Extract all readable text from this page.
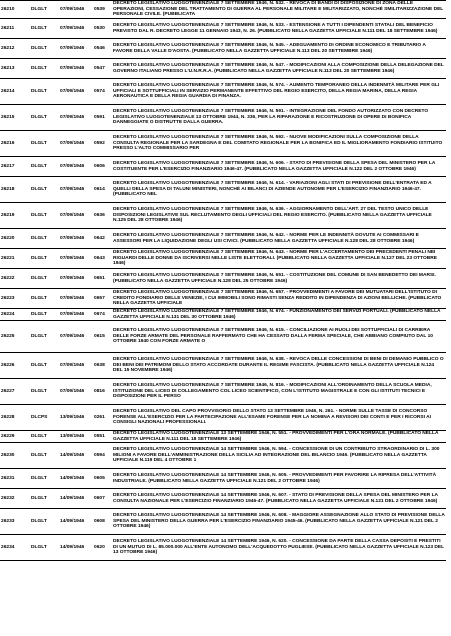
26210	DLGLT	07/09/1946	0539	DECRETO LEGISLATIVO LUOGOTENENZIALE 7 SETTEMBRE 1946, N. 532. - REVOCA DI BANDI DI DISPOSIZIONE DI ZONA DELLE OPERAZIONI, CESSAZIONE DEL TRATTAMENTO DI GUERRA AL PERSONALE MILITARE E MILITARIZZATO, NONCHÉ SMILITARIZZAZIONE DEL PERSONALE CIVILE. (PUBBLICATA
26211	DLGLT	07/09/1946	0530	DECRETO LEGISLATIVO LUOGOTENENZIALE 7 SETTEMBRE 1946, N. 533. - ESTENSIONE A TUTTI I DIPENDENTI STATALI DEL BENEFICIO PREVISTO DAL R. DECRETO LEGGE 11 GENNAIO 1943, N. 26. (PUBBLICATO NELLA GAZZETTA UFFICIALE N.111 DEL 18 SETTEMBRE 1946)
26212	DLGLT	07/09/1946	0546	DECRETO LEGISLATIVO LUOGOTENENZIALE 7 SETTEMBRE 1946, N. 545. - ADEGUAMENTO DI ORDINE ECONOMICO E TRIBUTARIO A FAVORE DELLA VALLE D'AOSTA. (PUBBLICATO NELLA GAZZETTA UFFICIALE N.113 DEL 20 SETTEMBRE 1946)
26213	DLGLT	07/09/1946	0547	DECRETO LEGISLATIVO LUOGOTENENZIALE 7 SETTEMBRE 1946, N. 547. - MODIFICAZIONI ALLA COMPOSIZIONE DELLA DELEGAZIONE DEL GOVERNO ITALIANO PRESSO L'U.N.R.R.A. (PUBBLICATO NELLA GAZZETTA UFFICIALE N.113 DEL 20 SETTEMBRE 1946)
26214	DLGLT	07/09/1946	0574	DECRETO LEGISLATIVO LUOGOTENENZIALE 7 SETTEMBRE 1946, N. 574. - AUMENTO TEMPORANEO DELLA INDENNITÀ MILITARE PER GLI UFFICIALI E SOTTUFFICIALI IN SERVIZIO PERMANENTE EFFETTIVO DEL REGIO ESERCITO, DELLA REGIA MARINA, DELLA REGIA AERONAUTICA E DELLA REGIA GUARDIA DI FINANZA.
26215	DLGLT	07/09/1946	0591	DECRETO LEGISLATIVO LUOGOTENENZIALE 7 SETTEMBRE 1946, N. 591. - INTEGRAZIONE DEL FONDO AUTORIZZATO CON DECRETO LEGISLATIVO LUOGOTENENZIALE 13 OTTOBRE 1944, N. 336, PER LA RIPARAZIONE E RICOSTRUZIONE DI OPERE DI BONIFICA DANNEGGIATE O DISTRUTTE DALLA GUERRA.
26216	DLGLT	07/09/1946	0592	DECRETO LEGISLATIVO LUOGOTENENZIALE 7 SETTEMBRE 1946, N. 592. - NUOVE MODIFICAZIONI SULLA COMPOSIZIONE DELLA CONSULTA REGIONALE PER LA SARDEGNA E DEL COMITATO REGIONALE PER LA BONIFICA ED IL MIGLIORAMENTO FONDIARIO ISTITUITO PRESSO L'ALTO COMMISSARIO PER
26217	DLGLT	07/09/1946	0606	DECRETO LEGISLATIVO LUOGOTENENZIALE 7 SETTEMBRE 1946, N. 606. - STATO DI PREVISIONE DELLA SPESA DEL MINISTERO PER LA COSTITUENTE PER L'ESERCIZIO FINANZIARIO 1946-47. (PUBBLICATO NELLA GAZZETTA UFFICIALE N.122 DEL 2 OTTOBRE 1946)
26218	DLGLT	07/09/1946	0614	DECRETO LEGISLATIVO LUOGOTENENZIALE 7 SETTEMBRE 1946, N. 614. - VARIAZIONI AGLI STATI DI PREVISIONE DELL'ENTRATA ED A QUELLI DELLA SPESA DI TALUNI MINISTERI, NONCHÉ AI BILANCI DI AZIENDE AUTONOME PER L'ESERCIZIO FINANZIARIO 1946-47. (PUBBLICATO NEL
26219	DLGLT	07/09/1946	0636	DECRETO LEGISLATIVO LUOGOTENENZIALE 7 SETTEMBRE 1946, N. 636. - AGGIORNAMENTO DELL'ART. 27 DEL TESTO UNICO DELLE DISPOSIZIONI LEGISLATIVE SUL RECLUTAMENTO DEGLI UFFICIALI DEL REGIO ESERCITO. (PUBBLICATO NELLA GAZZETTA UFFICIALE N.125 DEL 28 OTTOBRE 1946)
26220	DLGLT	07/09/1946	0642	DECRETO LEGISLATIVO LUOGOTENENZIALE 7 SETTEMBRE 1946, N. 642. - NORME PER LE INDENNITÀ DOVUTE AI COMMISSARI E ASSESSORI PER LA LIQUIDAZIONE DEGLI USI CIVICI. (PUBBLICATO NELLA GAZZETTA UFFICIALE N.128 DEL 28 OTTOBRE 1946)
26221	DLGLT	07/09/1946	0643	DECRETO LEGISLATIVO LUOGOTENENZIALE 7 SETTEMBRE 1946, N. 643. - NORME PER L'ACCERTAMENTO DEI PRECEDENTI PENALI NEI RIGUARDI DELLE DONNE DA ISCRIVERSI NELLE LISTE ELETTORALI. (PUBBLICATO NELLA GAZZETTA UFFICIALE N.127 DEL 23 OTTOBRE 1946)
26222	DLGLT	07/09/1946	0651	DECRETO LEGISLATIVO LUOGOTENENZIALE 7 SETTEMBRE 1946, N. 651. - COSTITUZIONE DEL COMUNE DI SAN BENEDETTO DEI MARSI. (PUBBLICATO NELLA GAZZETTA UFFICIALE N.128 DEL 25 OTTOBRE 1946)
26223	DLGLT	07/09/1946	0657	DECRETO LEGISLATIVO LUOGOTENENZIALE 7 SETTEMBRE 1946, N. 657. - PROVVEDIMENTI A FAVORE DEI MUTUATARI DELL'ISTITUTO DI CREDITO FONDIARIO DELLE VENEZIE, I CUI IMMOBILI SONO RIMASTI SENZA REDDITO IN DIPENDENZA DI AZIONI BELLICHE. (PUBBLICATO NELLA GAZZETTA UFFICIALE
26224	DLGLT	07/09/1946	0674	DECRETO LEGISLATIVO LUOGOTENENZIALE 7 SETTEMBRE 1946, N. 674. - FUNZIONAMENTO DEI SERVIZI PORTUALI. (PUBBLICATO NELLA GAZZETTA UFFICIALE N.131 DEL 30 OTTOBRE 1946)
26225	DLGLT	07/09/1946	0615	DECRETO LEGISLATIVO LUOGOTENENZIALE 7 SETTEMBRE 1946, N. 615. - CONCILIAZIONE AI RUOLI DEI SOTTUFFICIALI DI CARRIERA DELLE FORZE ARMATE DEL PERSONALE RAFFERMATO CHE HA CESSATO DALLA FERMA SPECIALE, CHE ABBIANO COMPIUTO DAL 10 OTTOBRE 1940 CON FORZE ARMATE O
26226	DLGLT	07/09/1946	0638	DECRETO LEGISLATIVO LUOGOTENENZIALE 7 SETTEMBRE 1946, N. 638. - REVOCA DELLE CONCESSIONI DI BENI DI DEMANIO PUBBLICO O DEI BENI DEI PATRIMONI DELLO STATO ACCORDATE DURANTE IL REGIME FASCISTA. (PUBBLICATO NELLA GAZZETTA UFFICIALE N.124 DEL 15 NOVEMBRE 1946)
26227	DLGLT	07/09/1946	0816	DECRETO LEGISLATIVO LUOGOTENENZIALE 7 SETTEMBRE 1946, N. 816. - MODIFICAZIONI ALL'ORDINAMENTO DELLA SCUOLA MEDIA, ISTITUZIONE DEL LICEO DI COLLEGAMENTO COL LICEO SCIENTIFICO, CON L'ISTITUTO MAGISTRALE E CON GLI ISTITUTI TECNICI E DISPOSIZIONI PER IL PERSO
26228	DLCPS	13/09/1946	0261	DECRETO LEGISLATIVO DEL CAPO PROVVISORIO DELLO STATO 13 SETTEMBRE 1946, N. 261. - NORME SULLE TASSE DI CONCORSO FORENSE ALL'ESERCIZIO PER LA PARTECIPAZIONE ALL'ESAME FORENSE PER LA NOMINA A REVISORI DEI CONTI E PER I RICORSI AI CONSIGLI NAZIONALI PROFESSIONALI.
26229	DLGLT	13/09/1946	0551	DECRETO LEGISLATIVO LUOGOTENENZIALE 13 SETTEMBRE 1946, N. 551. - PROVVEDIMENTI PER L'ORA NORMALE. (PUBBLICATO NELLA GAZZETTA UFFICIALE N.111 DEL 18 SETTEMBRE 1946)
26230	DLGLT	14/09/1946	0594	DECRETO LEGISLATIVO LUOGOTENENZIALE 14 SETTEMBRE 1946, N. 594. - CONCESSIONE DI UN CONTRIBUTO STRAORDINARIO DI L. 300 MILIONI A FAVORE DELL'AMMINISTRAZIONE DELLA SICILIA AD INTEGRAZIONE DEL BILANCIO 1946. (PUBBLICATO NELLA GAZZETTA UFFICIALE N.119 DEL 4 OTTOBRE 1
26231	DLGLT	14/09/1946	0605	DECRETO LEGISLATIVO LUOGOTENENZIALE 14 SETTEMBRE 1946, N. 605. - PROVVEDIMENTI PER FAVORIRE LA RIPRESA DELL'ATTIVITÀ INDUSTRIALE. (PUBBLICATO NELLA GAZZETTA UFFICIALE N.121 DEL 2 OTTOBRE 1946)
26232	DLGLT	14/09/1946	0607	DECRETO LEGISLATIVO LUOGOTENENZIALE 14 SETTEMBRE 1946, N. 607. - STATO DI PREVISIONE DELLA SPESA DEL MINISTERO PER LA CONSULTA NAZIONALE PER L'ESERCIZIO FINANZIARIO 1946-47. (PUBBLICATO NELLA GAZZETTA UFFICIALE N.121 DEL 2 OTTOBRE 1946)
26233	DLGLT	14/09/1946	0608	DECRETO LEGISLATIVO LUOGOTENENZIALE 14 SETTEMBRE 1946, N. 608. - MAGGIORE ASSEGNAZIONE ALLO STATO DI PREVISIONE DELLA SPESA DEL MINISTERO DELLA GUERRA PER L'ESERCIZIO FINANZIARIO 1945-46. (PUBBLICATO NELLA GAZZETTA UFFICIALE N.121 DEL 2 OTTOBRE 1946)
26234	DLGLT	14/09/1946	0620	DECRETO LEGISLATIVO LUOGOTENENZIALE 14 SETTEMBRE 1946, N. 620. - CONCESSIONE DA PARTE DELLA CASSA DEPOSITI E PRESTITI DI UN MUTUO DI L. 85.000.000 ALL'ENTE AUTONOMO DELL'ACQUEDOTTO PUGLIESE. (PUBBLICATO NELLA GAZZETTA UFFICIALE N.123 DEL 13 OTTOBRE 1946)
